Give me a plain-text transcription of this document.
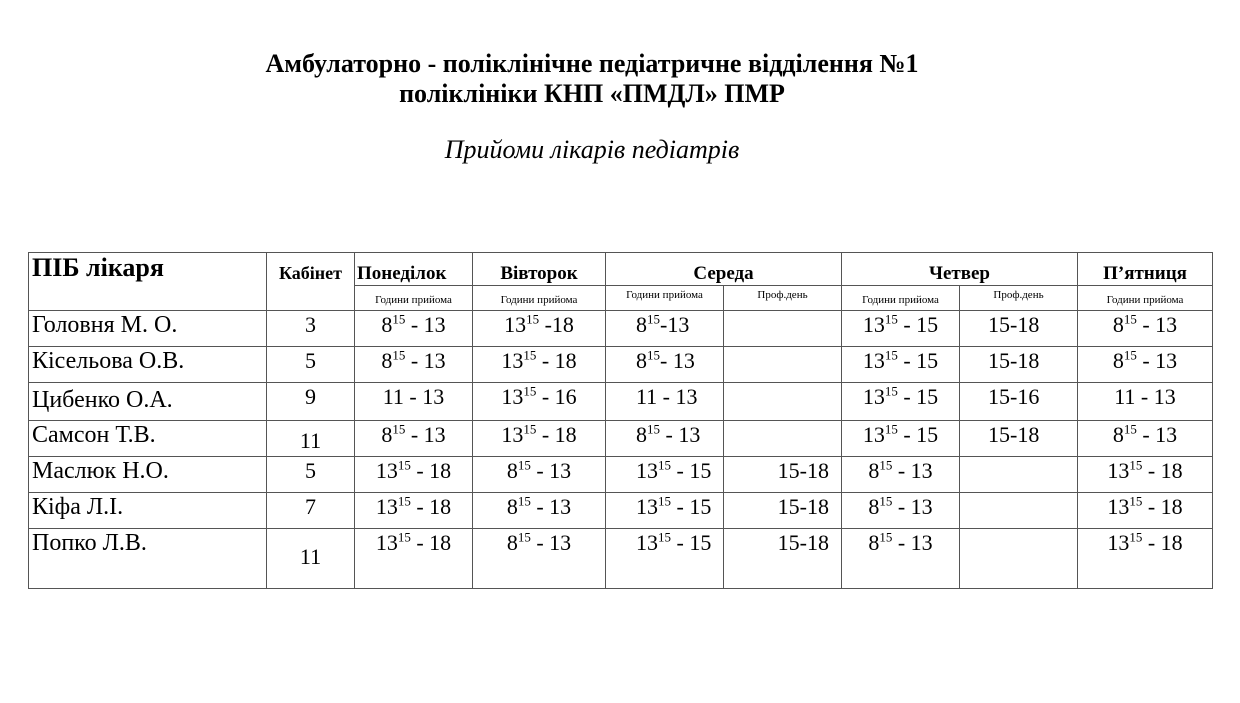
Амбулаторно - поліклінічне педіатричне відділення №1
поліклініки КНП «ПМДЛ» ПМР
Прийоми лікарів педіатрів
ПІБ лікаря	Кабінет	Понеділок	Вівторок	Середа		Четвер		П’ятниця
		Години прийома	Години прийома	Години прийома	Проф.день	Години прийома	Проф.день	Години прийома
Головня М. О.	3	$8^{15} - 13$	$13^{15}$ -18	$8^{15}-13$		$13^{15} - 15$	15-18	$8^{15} - 13$
Кісельова О.В.	5	$8^{15} - 13$	$13^{15} - 18$	$8^{15}-$ 13		$13^{15} - 15$	15-18	$8^{15} - 13$
Цибенко О.А.	9	11 - 13	$13^{15} - 16$	11 - 13		$13^{15} - 15$	15-16	11 - 13
Самсон Т.В.	11	$8^{15} - 13$	$13^{15} - 18$	$8^{15} - 13$		$13^{15} - 15$	15-18	$8^{15} - 13$
Маслюк Н.О.	5	$13^{15} - 18$	$8^{15} - 13$	$13^{15} - 15$	15-18	$8^{15} - 13$		$13^{15} - 18$
Кіфа Л.І.	7	$13^{15} - 18$	$8^{15} - 13$	$13^{15} - 15$	15-18	$8^{15} - 13$		$13^{15} - 18$
Попко Л.В.	11	$13^{15} - 18$	$8^{15} - 13$	$13^{15} - 15$	15-18	$8^{15} - 13$		$13^{15} - 18$
